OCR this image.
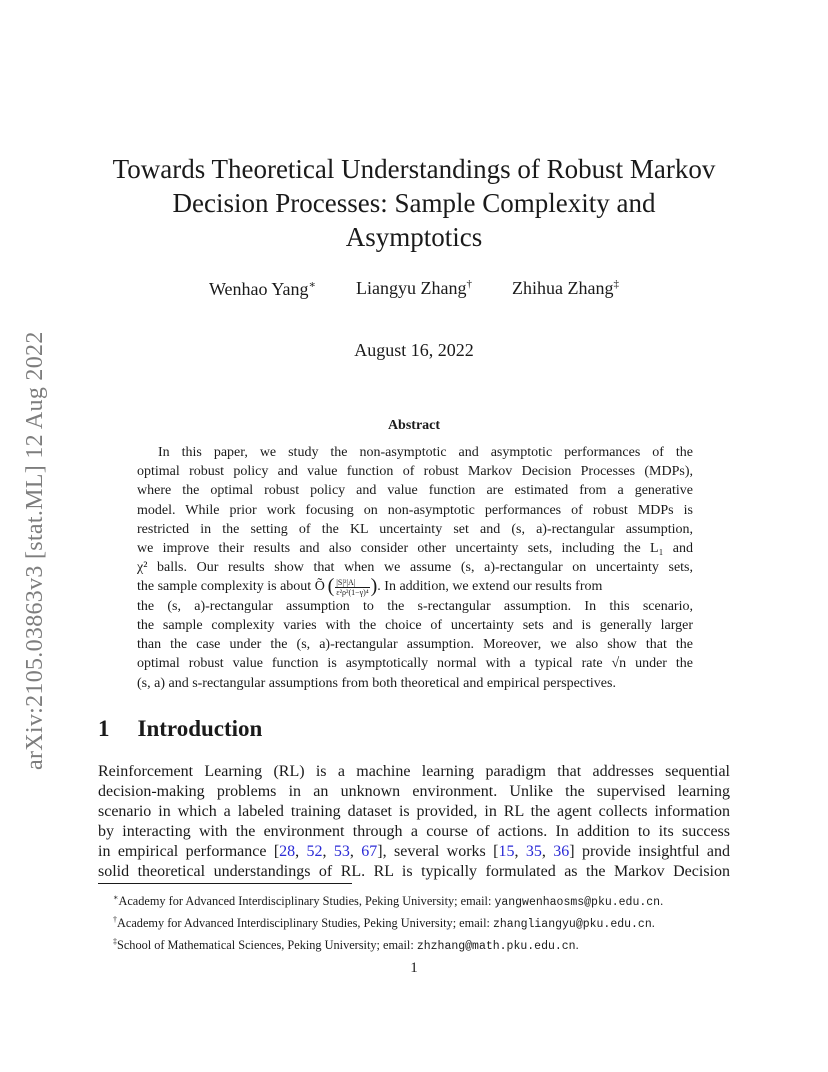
arXiv:2105.03863v3 [stat.ML] 12 Aug 2022
Towards Theoretical Understandings of Robust Markov
Decision Processes: Sample Complexity and
Asymptotics
Wenhao Yang∗ Liangyu Zhang† Zhihua Zhang‡
August 16, 2022
Abstract
In this paper, we study the non-asymptotic and asymptotic performances of the
optimal robust policy and value function of robust Markov Decision Processes (MDPs),
where the optimal robust policy and value function are estimated from a generative
model. While prior work focusing on non-asymptotic performances of robust MDPs is
restricted in the setting of the KL uncertainty set and (s, a)-rectangular assumption,
we improve their results and also consider other uncertainty sets, including the L₁ and
χ² balls. Our results show that when we assume (s, a)-rectangular on uncertainty sets,
the sample complexity is about Õ  ( $\frac{\text{|S|²|A|}}{\text{ε²ρ²(1−γ)⁴}}$ ). In addition, we extend our results from
the (s, a)-rectangular assumption to the s-rectangular assumption. In this scenario,
the sample complexity varies with the choice of uncertainty sets and is generally larger
than the case under the (s, a)-rectangular assumption. Moreover, we also show that the
optimal robust value function is asymptotically normal with a typical rate √n under the
(s, a) and s-rectangular assumptions from both theoretical and empirical perspectives.
1 Introduction
Reinforcement Learning (RL) is a machine learning paradigm that addresses sequential
decision-making problems in an unknown environment. Unlike the supervised learning
scenario in which a labeled training dataset is provided, in RL the agent collects information
by interacting with the environment through a course of actions. In addition to its success
in empirical performance [28, 52, 53, 67], several works [15, 35, 36] provide insightful and
solid theoretical understandings of RL. RL is typically formulated as the Markov Decision
∗Academy for Advanced Interdisciplinary Studies, Peking University; email: yangwenhaosms@pku.edu.cn.
†Academy for Advanced Interdisciplinary Studies, Peking University; email: zhangliangyu@pku.edu.cn.
‡School of Mathematical Sciences, Peking University; email: zhzhang@math.pku.edu.cn.
1
